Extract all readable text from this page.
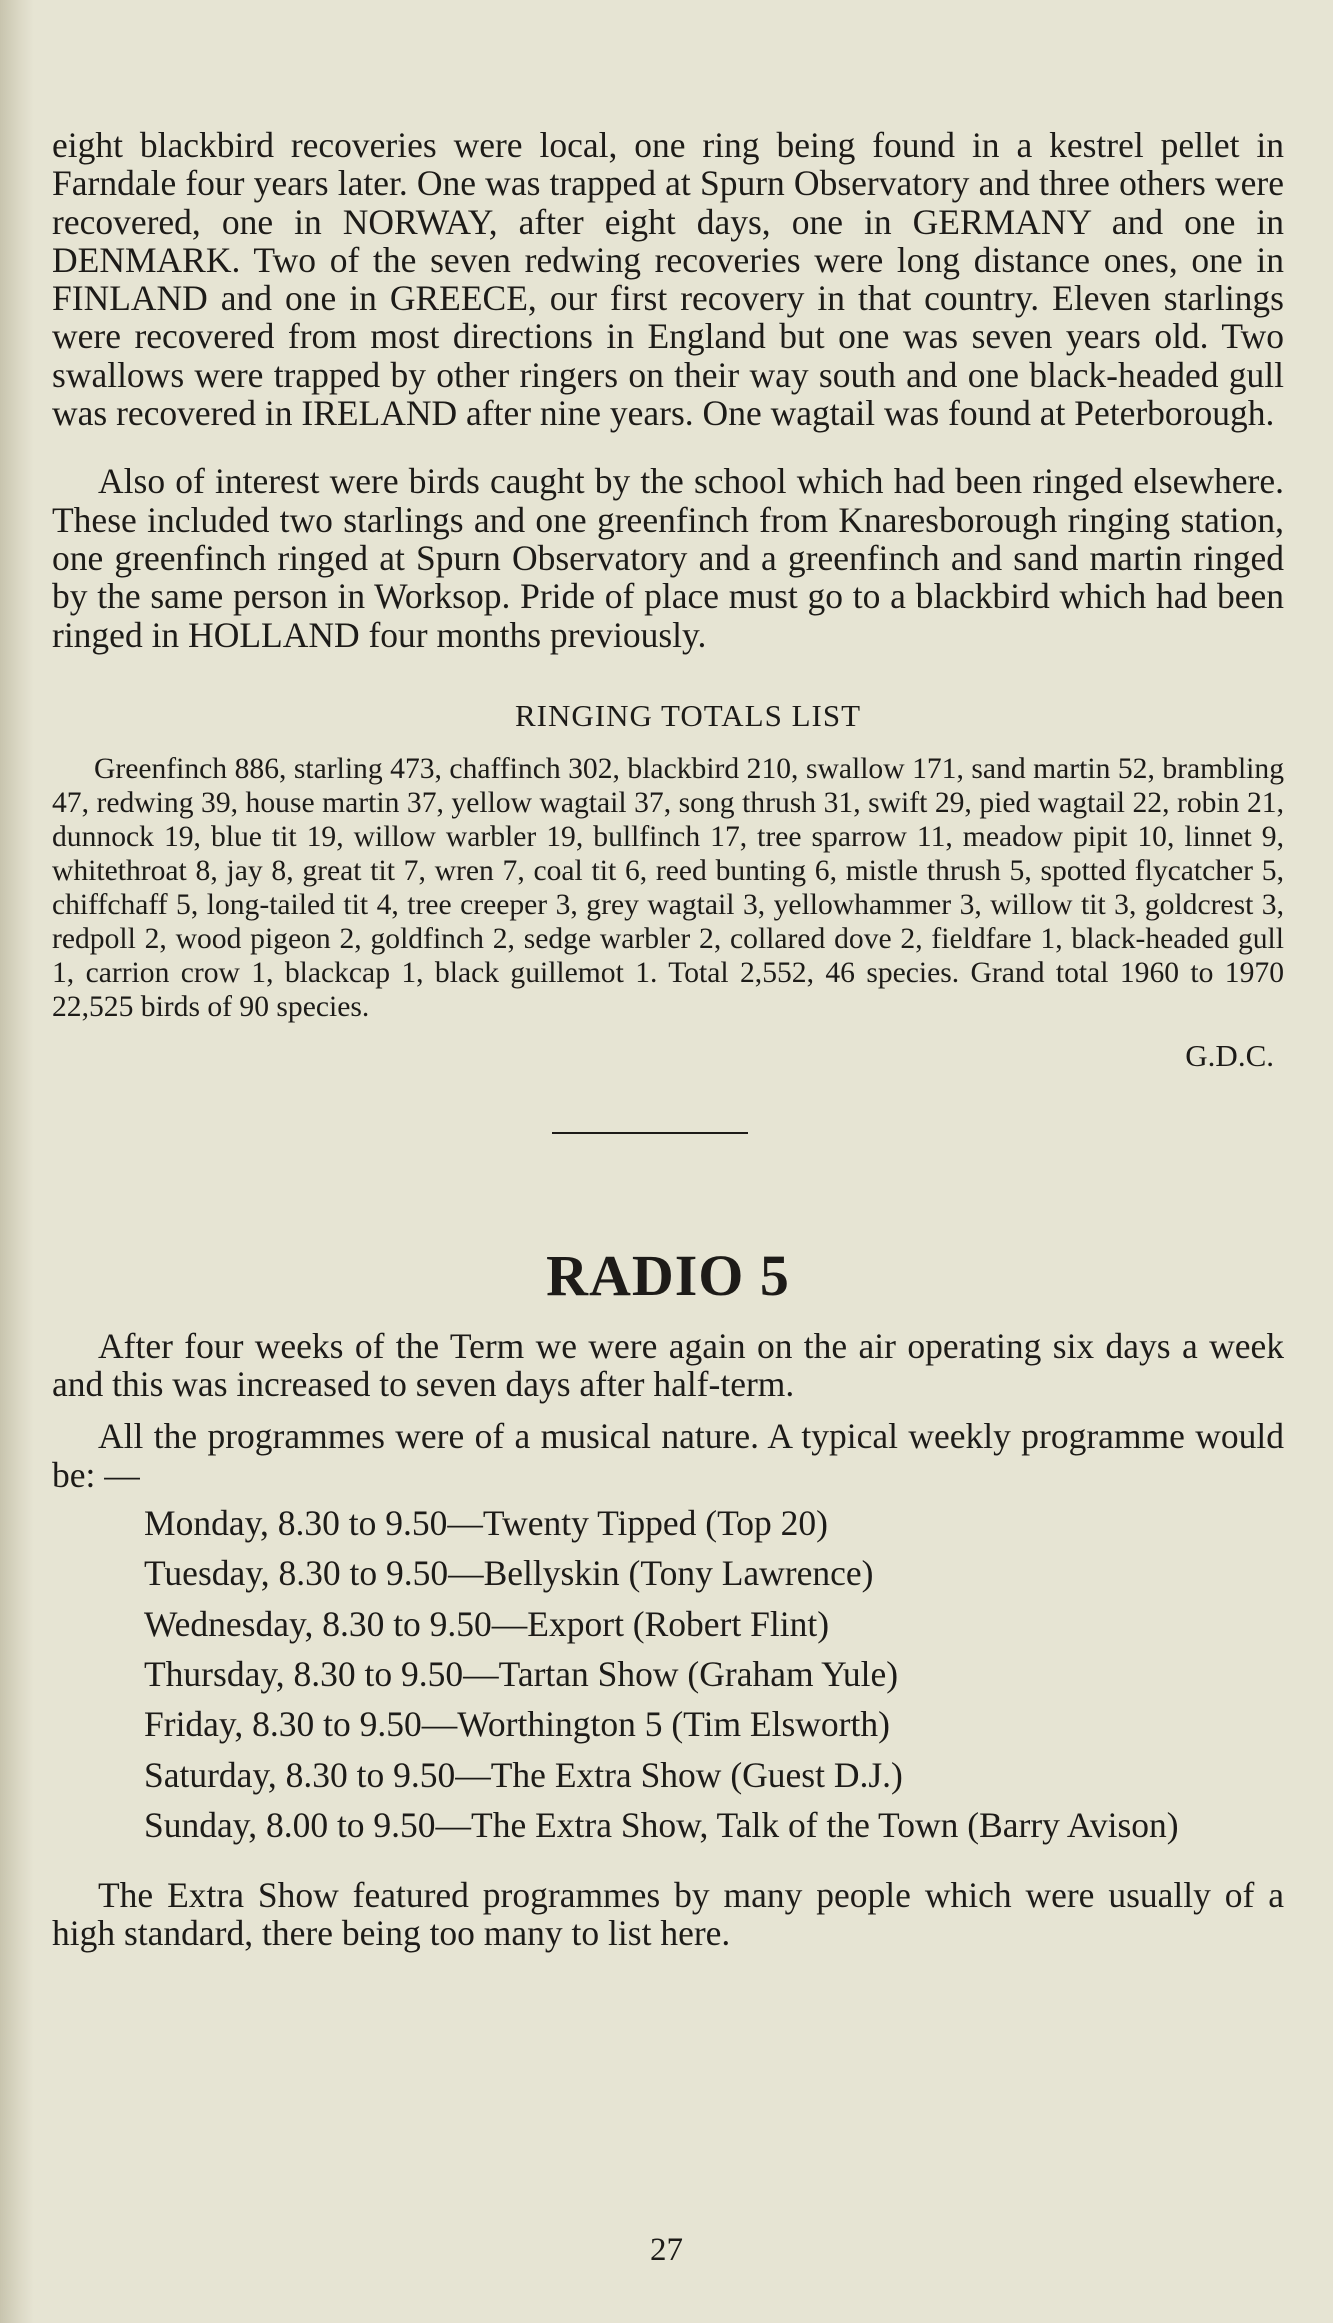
eight blackbird recoveries were local, one ring being found in a kestrel pellet in Farndale four years later. One was trapped at Spurn Observatory and three others were recovered, one in NORWAY, after eight days, one in GERMANY and one in DENMARK. Two of the seven redwing recoveries were long distance ones, one in FINLAND and one in GREECE, our first recovery in that country. Eleven starlings were recovered from most directions in England but one was seven years old. Two swallows were trapped by other ringers on their way south and one black-headed gull was recovered in IRELAND after nine years. One wagtail was found at Peterborough.

Also of interest were birds caught by the school which had been ringed elsewhere. These included two starlings and one greenfinch from Knaresborough ringing station, one greenfinch ringed at Spurn Observatory and a greenfinch and sand martin ringed by the same person in Worksop. Pride of place must go to a blackbird which had been ringed in HOLLAND four months previously.

RINGING TOTALS LIST

Greenfinch 886, starling 473, chaffinch 302, blackbird 210, swallow 171, sand martin 52, brambling 47, redwing 39, house martin 37, yellow wagtail 37, song thrush 31, swift 29, pied wagtail 22, robin 21, dunnock 19, blue tit 19, willow warbler 19, bullfinch 17, tree sparrow 11, meadow pipit 10, linnet 9, whitethroat 8, jay 8, great tit 7, wren 7, coal tit 6, reed bunting 6, mistle thrush 5, spotted flycatcher 5, chiffchaff 5, long-tailed tit 4, tree creeper 3, grey wagtail 3, yellowhammer 3, willow tit 3, goldcrest 3, redpoll 2, wood pigeon 2, goldfinch 2, sedge warbler 2, collared dove 2, fieldfare 1, black-headed gull 1, carrion crow 1, blackcap 1, black guillemot 1. Total 2,552, 46 species. Grand total 1960 to 1970 22,525 birds of 90 species.

G.D.C.
RADIO 5

After four weeks of the Term we were again on the air operating six days a week and this was increased to seven days after half-term.

All the programmes were of a musical nature. A typical weekly programme would be: —

Monday, 8.30 to 9.50—Twenty Tipped (Top 20)
Tuesday, 8.30 to 9.50—Bellyskin (Tony Lawrence)
Wednesday, 8.30 to 9.50—Export (Robert Flint)
Thursday, 8.30 to 9.50—Tartan Show (Graham Yule)
Friday, 8.30 to 9.50—Worthington 5 (Tim Elsworth)
Saturday, 8.30 to 9.50—The Extra Show (Guest D.J.)
Sunday, 8.00 to 9.50—The Extra Show, Talk of the Town (Barry Avison)

The Extra Show featured programmes by many people which were usually of a high standard, there being too many to list here.

27
